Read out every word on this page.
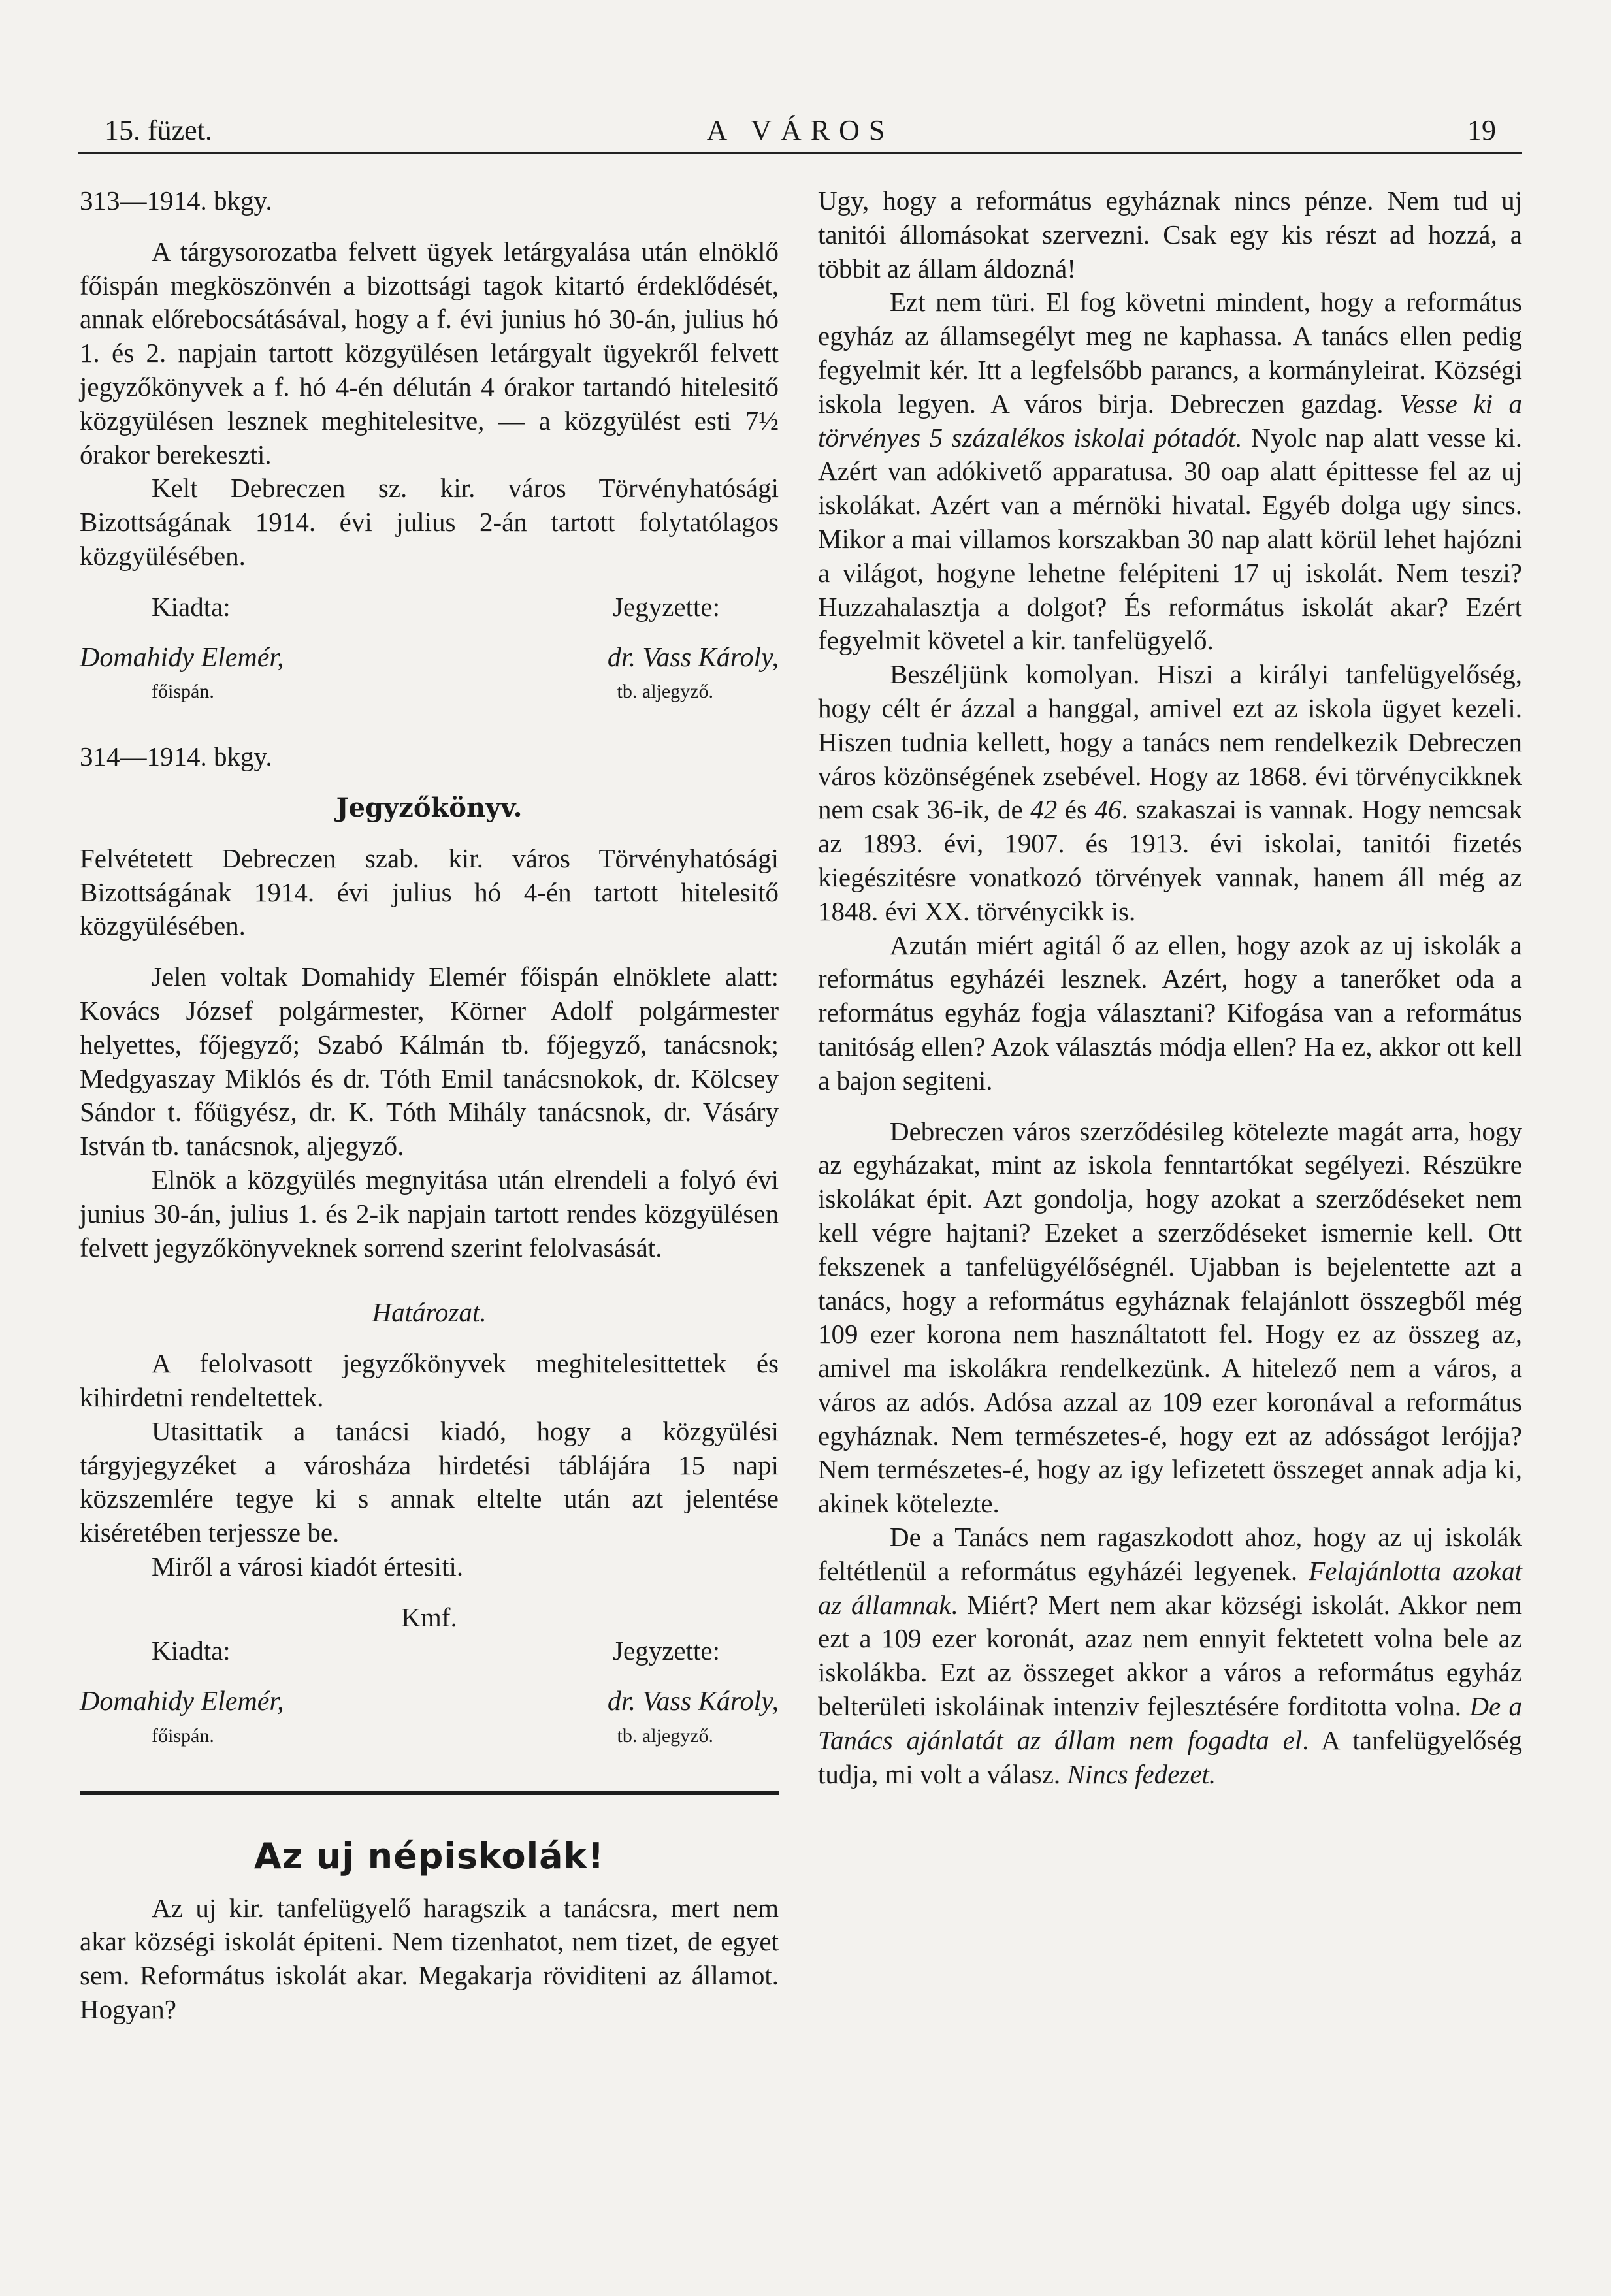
15. füzet.	A VÁROS	19

313—1914. bkgy.

A tárgysorozatba felvett ügyek letárgyalása után elnöklő főispán megköszönvén a bizottsági tagok kitartó érdeklődését, annak előrebocsátásával, hogy a f. évi junius hó 30-án, julius hó 1. és 2. napjain tartott közgyülésen letárgyalt ügyekről felvett jegyzőkönyvek a f. hó 4-én délután 4 órakor tartandó hitelesitő közgyülésen lesznek meghitelesitve, — a közgyülést esti 7½ órakor berekeszti.

Kelt Debreczen sz. kir. város Törvényhatósági Bizottságának 1914. évi julius 2-án tartott folytatólagos közgyülésében.

Kiadta:	Jegyzette:
Domahidy Elemér,	dr. Vass Károly,
főispán.	tb. aljegyző.

314—1914. bkgy.

Jegyzőkönyv.

Felvétetett Debreczen szab. kir. város Törvényhatósági Bizottságának 1914. évi julius hó 4-én tartott hitelesitő közgyülésében.

Jelen voltak Domahidy Elemér főispán elnöklete alatt: Kovács József polgármester, Körner Adolf polgármester helyettes, főjegyző; Szabó Kálmán tb. főjegyző, tanácsnok; Medgyaszay Miklós és dr. Tóth Emil tanácsnokok, dr. Kölcsey Sándor t. főügyész, dr. K. Tóth Mihály tanácsnok, dr. Vásáry István tb. tanácsnok, aljegyző.

Elnök a közgyülés megnyitása után elrendeli a folyó évi junius 30-án, julius 1. és 2-ik napjain tartott rendes közgyülésen felvett jegyzőkönyveknek sorrend szerint felolvasását.

Határozat.

A felolvasott jegyzőkönyvek meghitelesittettek és kihirdetni rendeltettek.

Utasittatik a tanácsi kiadó, hogy a közgyülési tárgyjegyzéket a városháza hirdetési táblájára 15 napi közszemlére tegye ki s annak eltelte után azt jelentése kiséretében terjessze be.

Miről a városi kiadót értesiti.

Kmf.

Kiadta:	Jegyzette:
Domahidy Elemér,	dr. Vass Károly,
főispán.	tb. aljegyző.

Az uj népiskolák!

Az uj kir. tanfelügyelő haragszik a tanácsra, mert nem akar községi iskolát épiteni. Nem tizenhatot, nem tizet, de egyet sem. Református iskolát akar. Megakarja röviditeni az államot. Hogyan?

Ugy, hogy a református egyháznak nincs pénze. Nem tud uj tanitói állomásokat szervezni. Csak egy kis részt ad hozzá, a többit az állam áldozná!

Ezt nem türi. El fog követni mindent, hogy a református egyház az államsegélyt meg ne kaphassa. A tanács ellen pedig fegyelmit kér. Itt a legfelsőbb parancs, a kormányleirat. Községi iskola legyen. A város birja. Debreczen gazdag. Vesse ki a törvényes 5 százalékos iskolai pótadót. Nyolc nap alatt vesse ki. Azért van adókivető apparatusa. 30 oap alatt épittesse fel az uj iskolákat. Azért van a mérnöki hivatal. Egyéb dolga ugy sincs. Mikor a mai villamos korszakban 30 nap alatt körül lehet hajózni a világot, hogyne lehetne felépiteni 17 uj iskolát. Nem teszi? Huzzahalasztja a dolgot? És református iskolát akar? Ezért fegyelmit követel a kir. tanfelügyelő.

Beszéljünk komolyan. Hiszi a királyi tanfelügyelőség, hogy célt ér ázzal a hanggal, amivel ezt az iskola ügyet kezeli. Hiszen tudnia kellett, hogy a tanács nem rendelkezik Debreczen város közönségének zsebével. Hogy az 1868. évi törvénycikknek nem csak 36-ik, de 42 és 46. szakaszai is vannak. Hogy nemcsak az 1893. évi, 1907. és 1913. évi iskolai, tanitói fizetés kiegészitésre vonatkozó törvények vannak, hanem áll még az 1848. évi XX. törvénycikk is.

Azután miért agitál ő az ellen, hogy azok az uj iskolák a református egyházéi lesznek. Azért, hogy a tanerőket oda a református egyház fogja választani? Kifogása van a református tanitóság ellen? Azok választás módja ellen? Ha ez, akkor ott kell a bajon segiteni.

Debreczen város szerződésileg kötelezte magát arra, hogy az egyházakat, mint az iskola fenntartókat segélyezi. Részükre iskolákat épit. Azt gondolja, hogy azokat a szerződéseket nem kell végre hajtani? Ezeket a szerződéseket ismernie kell. Ott fekszenek a tanfelügyélőségnél. Ujabban is bejelentette azt a tanács, hogy a református egyháznak felajánlott összegből még 109 ezer korona nem használtatott fel. Hogy ez az összeg az, amivel ma iskolákra rendelkezünk. A hitelező nem a város, a város az adós. Adósa azzal az 109 ezer koronával a református egyháznak. Nem természetes-é, hogy ezt az adósságot lerójja? Nem természetes-é, hogy az igy lefizetett összeget annak adja ki, akinek kötelezte.

De a Tanács nem ragaszkodott ahoz, hogy az uj iskolák feltétlenül a református egyházéi legyenek. Felajánlotta azokat az államnak. Miért? Mert nem akar községi iskolát. Akkor nem ezt a 109 ezer koronát, azaz nem ennyit fektetett volna bele az iskolákba. Ezt az összeget akkor a város a református egyház belterületi iskoláinak intenziv fejlesztésére forditotta volna. De a Tanács ajánlatát az állam nem fogadta el. A tanfelügyelőség tudja, mi volt a válasz. Nincs fedezet.
